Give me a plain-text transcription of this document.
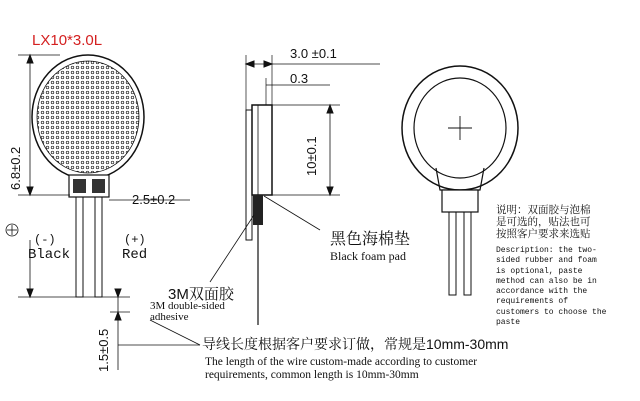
LX10*3.0L
3.0 ±0.1
0.3
10±0.1
6.8±0.2
1.5±0.5
2.5±0.2
(-)
Black
(+)
Red
黑色海棉垫
Black foam pad
3M双面胶
3M double-sided
adhesive
导线长度根据客户要求订做，常规是10mm-30mm
The length of the wire custom-made according to customer
requirements, common length is 10mm-30mm
说明：双面胶与泡棉
是可选的，贴法也可
按照客户要求来选贴
Description: the two-
sided rubber and foam
is optional, paste
method can also be in
accordance with the
requirements of
customers to choose the
paste
